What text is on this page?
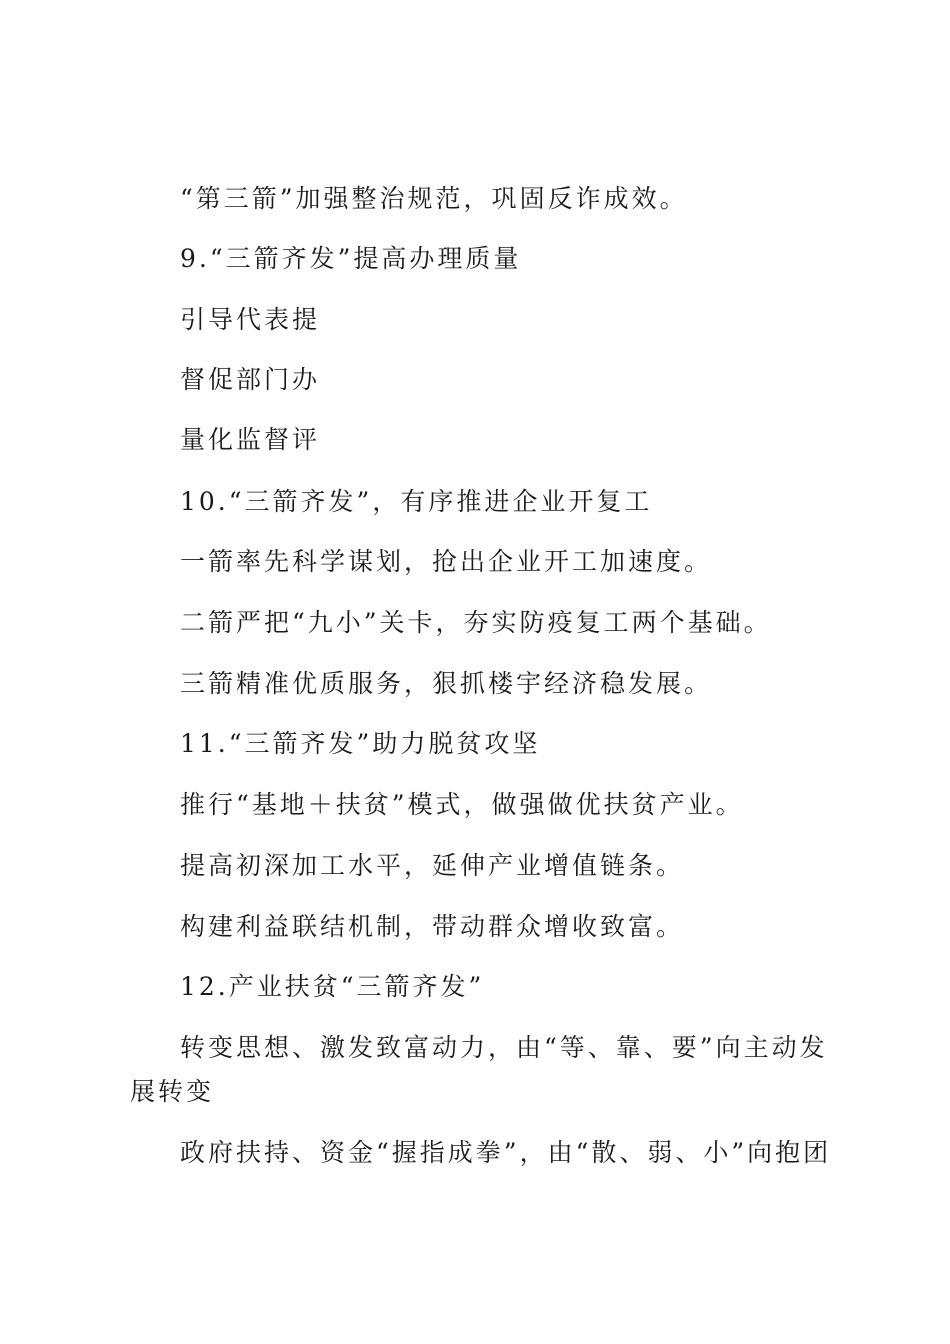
“第三箭”加强整治规范，巩固反诈成效。
9.“三箭齐发”提高办理质量
引导代表提
督促部门办
量化监督评
10.“三箭齐发”，有序推进企业开复工
一箭率先科学谋划，抢出企业开工加速度。
二箭严把“九小”关卡，夯实防疫复工两个基础。
三箭精准优质服务，狠抓楼宇经济稳发展。
11.“三箭齐发”助力脱贫攻坚
推行“基地＋扶贫”模式，做强做优扶贫产业。
提高初深加工水平，延伸产业增值链条。
构建利益联结机制，带动群众增收致富。
12.产业扶贫“三箭齐发”
转变思想、激发致富动力，由“等、靠、要”向主动发展转变
政府扶持、资金“握指成拳”，由“散、弱、小”向抱团
